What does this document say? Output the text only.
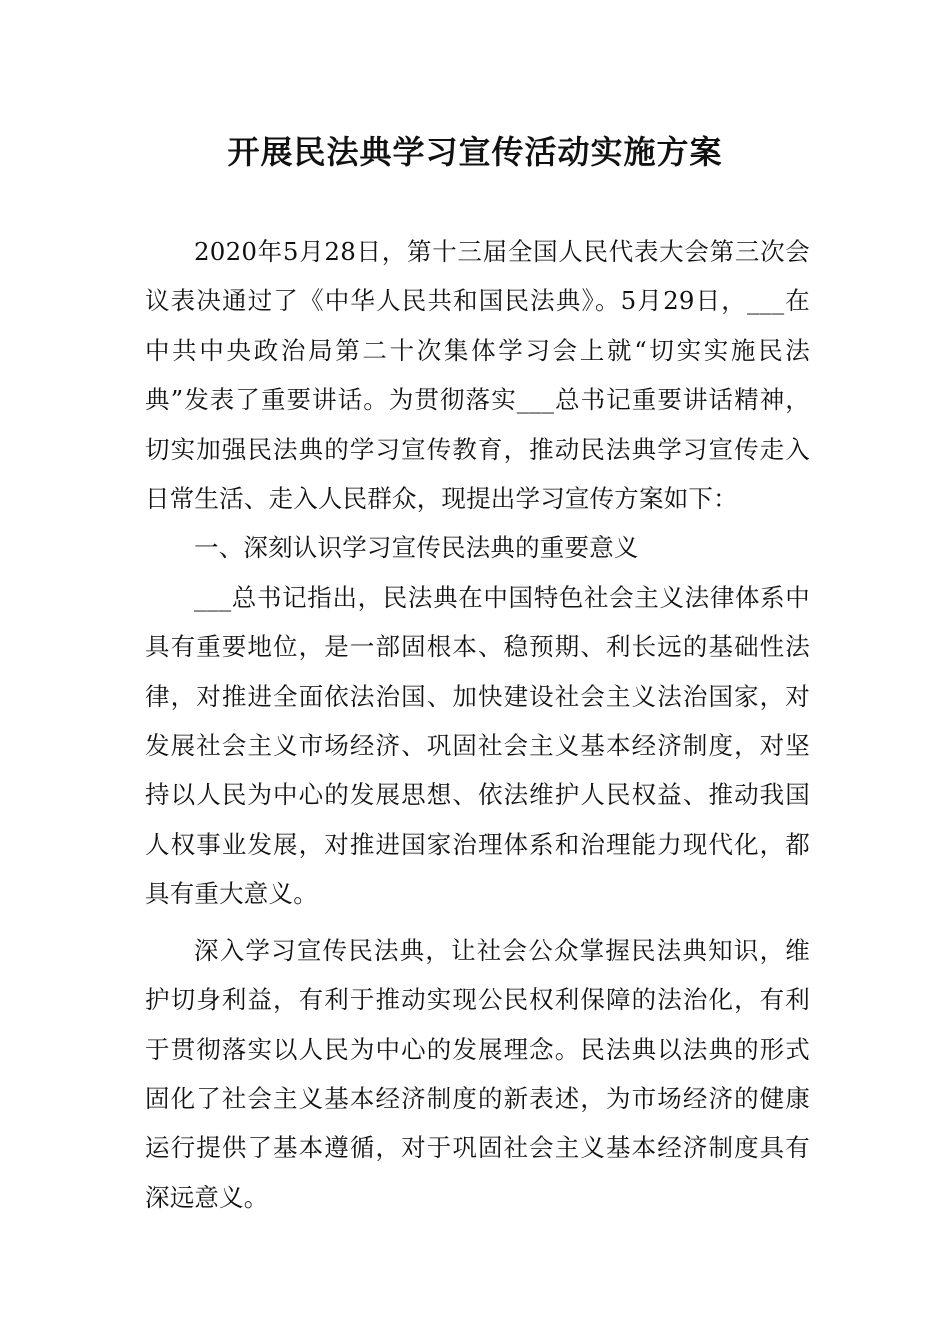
开展民法典学习宣传活动实施方案

2020年5月28日，第十三届全国人民代表大会第三次会议表决通过了《中华人民共和国民法典》。5月29日，___在中共中央政治局第二十次集体学习会上就“切实实施民法典”发表了重要讲话。为贯彻落实___总书记重要讲话精神，切实加强民法典的学习宣传教育，推动民法典学习宣传走入日常生活、走入人民群众，现提出学习宣传方案如下：

一、深刻认识学习宣传民法典的重要意义

___总书记指出，民法典在中国特色社会主义法律体系中具有重要地位，是一部固根本、稳预期、利长远的基础性法律，对推进全面依法治国、加快建设社会主义法治国家，对发展社会主义市场经济、巩固社会主义基本经济制度，对坚持以人民为中心的发展思想、依法维护人民权益、推动我国人权事业发展，对推进国家治理体系和治理能力现代化，都具有重大意义。

深入学习宣传民法典，让社会公众掌握民法典知识，维护切身利益，有利于推动实现公民权利保障的法治化，有利于贯彻落实以人民为中心的发展理念。民法典以法典的形式固化了社会主义基本经济制度的新表述，为市场经济的健康运行提供了基本遵循，对于巩固社会主义基本经济制度具有深远意义。
